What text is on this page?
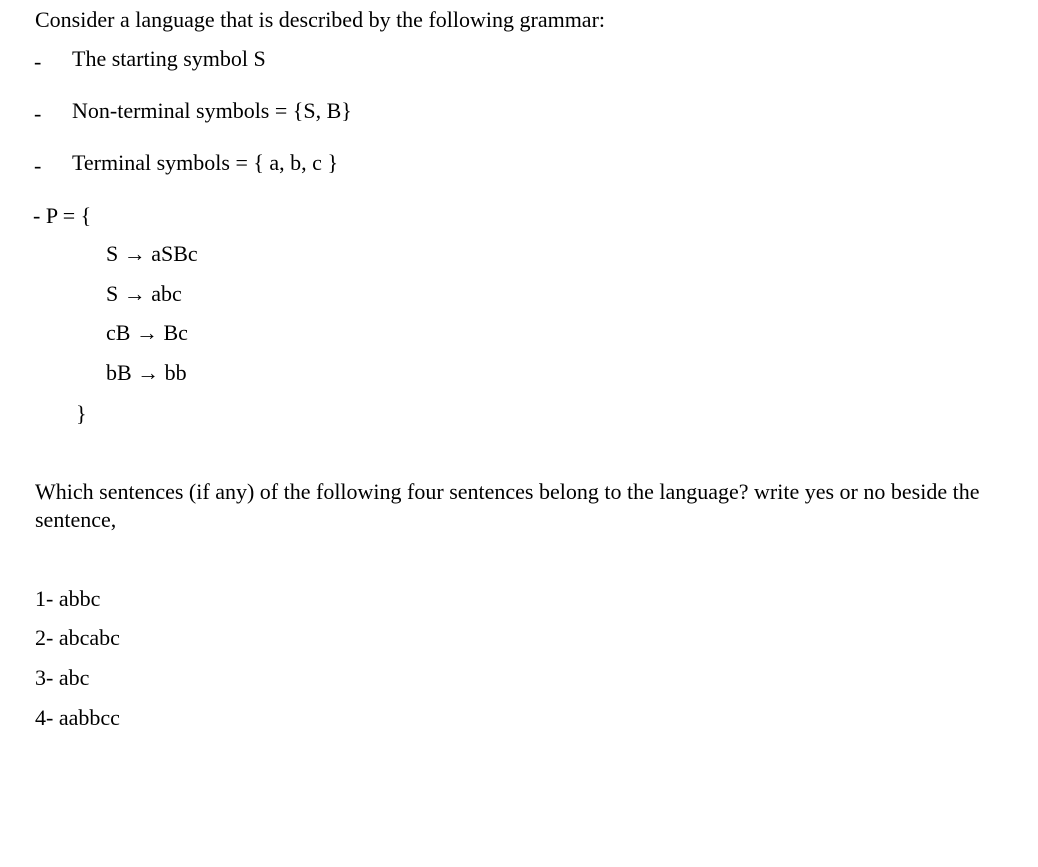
Consider a language that is described by the following grammar:
- The starting symbol S
- Non-terminal symbols = {S, B}
- Terminal symbols = { a, b, c }
- P = {
S → aSBc
S → abc
cB → Bc
bB → bb
}
Which sentences (if any) of the following four sentences belong to the language? write yes or no beside the sentence,
1- abbc
2- abcabc
3- abc
4- aabbcc
